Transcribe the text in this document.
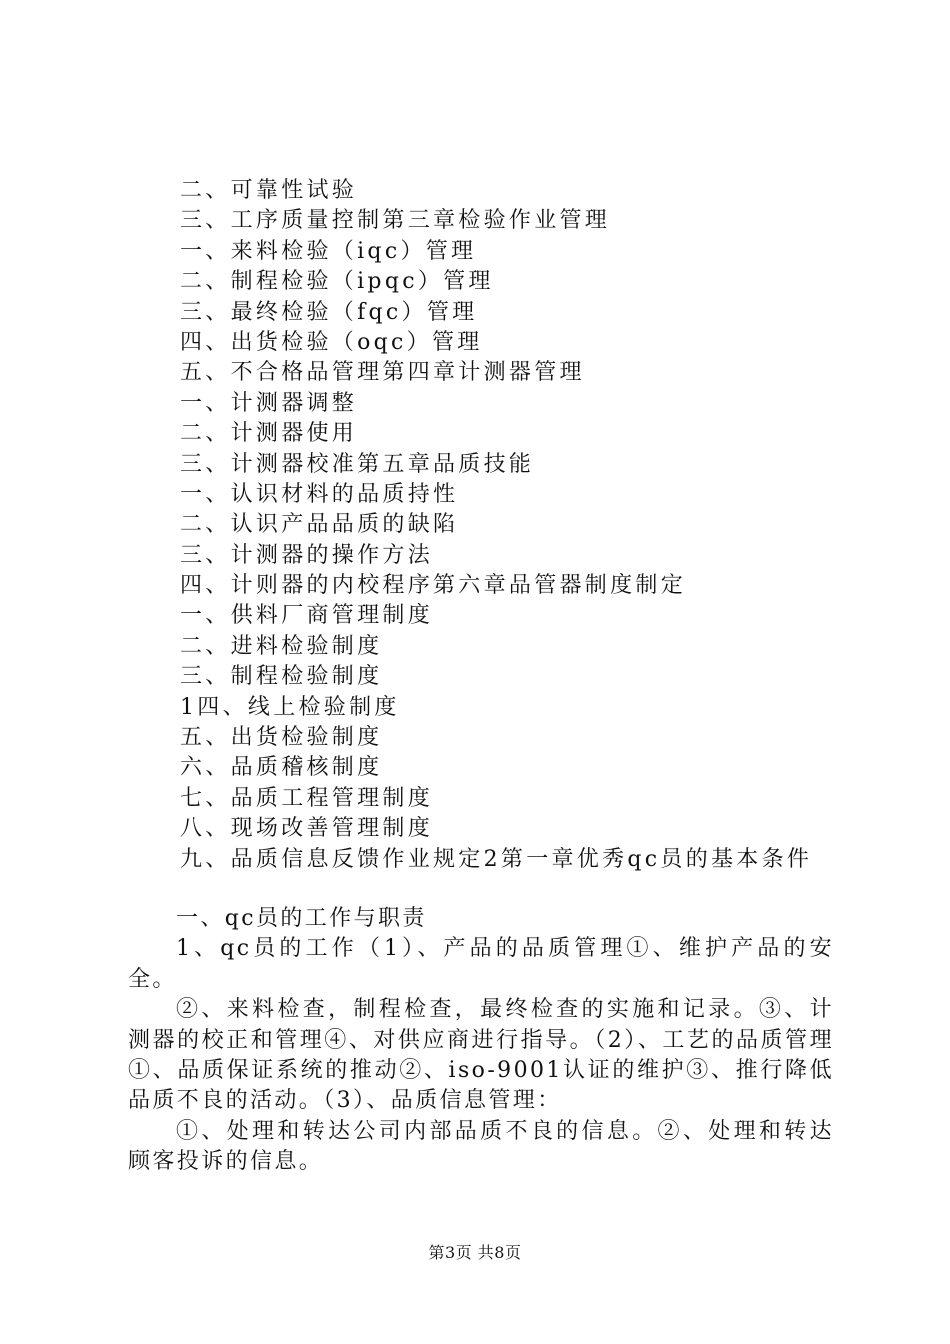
二、可靠性试验
三、工序质量控制第三章检验作业管理
一、来料检验（iqc）管理
二、制程检验（ipqc）管理
三、最终检验（fqc）管理
四、出货检验（oqc）管理
五、不合格品管理第四章计测器管理
一、计测器调整
二、计测器使用
三、计测器校准第五章品质技能
一、认识材料的品质持性
二、认识产品品质的缺陷
三、计测器的操作方法
四、计则器的内校程序第六章品管器制度制定
一、供料厂商管理制度
二、进料检验制度
三、制程检验制度
1四、线上检验制度
五、出货检验制度
六、品质稽核制度
七、品质工程管理制度
八、现场改善管理制度
九、品质信息反馈作业规定2第一章优秀qc员的基本条件

一、qc员的工作与职责

1、qc员的工作（1）、产品的品质管理①、维护产品的安全。

②、来料检查，制程检查，最终检查的实施和记录。③、计测器的校正和管理④、对供应商进行指导。（2）、工艺的品质管理①、品质保证系统的推动②、iso-9001认证的维护③、推行降低品质不良的活动。（3）、品质信息管理：

①、处理和转达公司内部品质不良的信息。②、处理和转达顾客投诉的信息。

第3页 共8页
